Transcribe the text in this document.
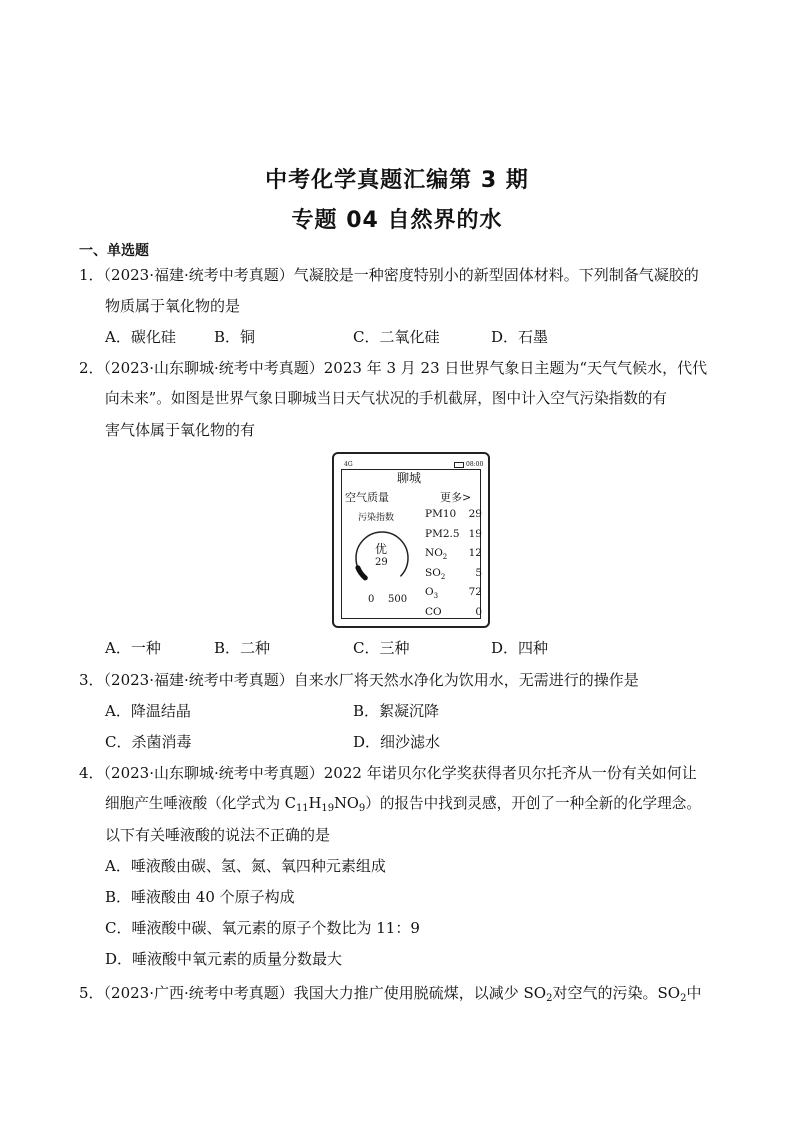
中考化学真题汇编第 3 期
专题 04 自然界的水
一、单选题
1．（2023·福建·统考中考真题）气凝胶是一种密度特别小的新型固体材料。下列制备气凝胶的
物质属于氧化物的是
A．碳化硅	B．铜	C．二氧化硅	D．石墨
2．（2023·山东聊城·统考中考真题）2023 年 3 月 23 日世界气象日主题为“天气气候水，代代
向未来”。如图是世界气象日聊城当日天气状况的手机截屏，图中计入空气污染指数的有
害气体属于氧化物的有
4G	08:00
聊城
空气质量	更多>
污染指数
优
29
0 500
PM10 29
PM2.5 19
$NO_2$ 12
$SO_2$	5
$O_3$	72
CO	0
A．一种	B．二种	C．三种	D．四种
3．（2023·福建·统考中考真题）自来水厂将天然水净化为饮用水，无需进行的操作是
A．降温结晶	B．絮凝沉降
C．杀菌消毒	D．细沙滤水
4．（2023·山东聊城·统考中考真题）2022 年诺贝尔化学奖获得者贝尔托齐从一份有关如何让
细胞产生唾液酸（化学式为 $C_{11}H_{19}NO_9$）的报告中找到灵感，开创了一种全新的化学理念。
以下有关唾液酸的说法不正确的是
A．唾液酸由碳、氢、氮、氧四种元素组成
B．唾液酸由 40 个原子构成
C．唾液酸中碳、氧元素的原子个数比为 11：9
D．唾液酸中氧元素的质量分数最大
5．（2023·广西·统考中考真题）我国大力推广使用脱硫煤，以减少 $SO_2$对空气的污染。$SO_2$中
